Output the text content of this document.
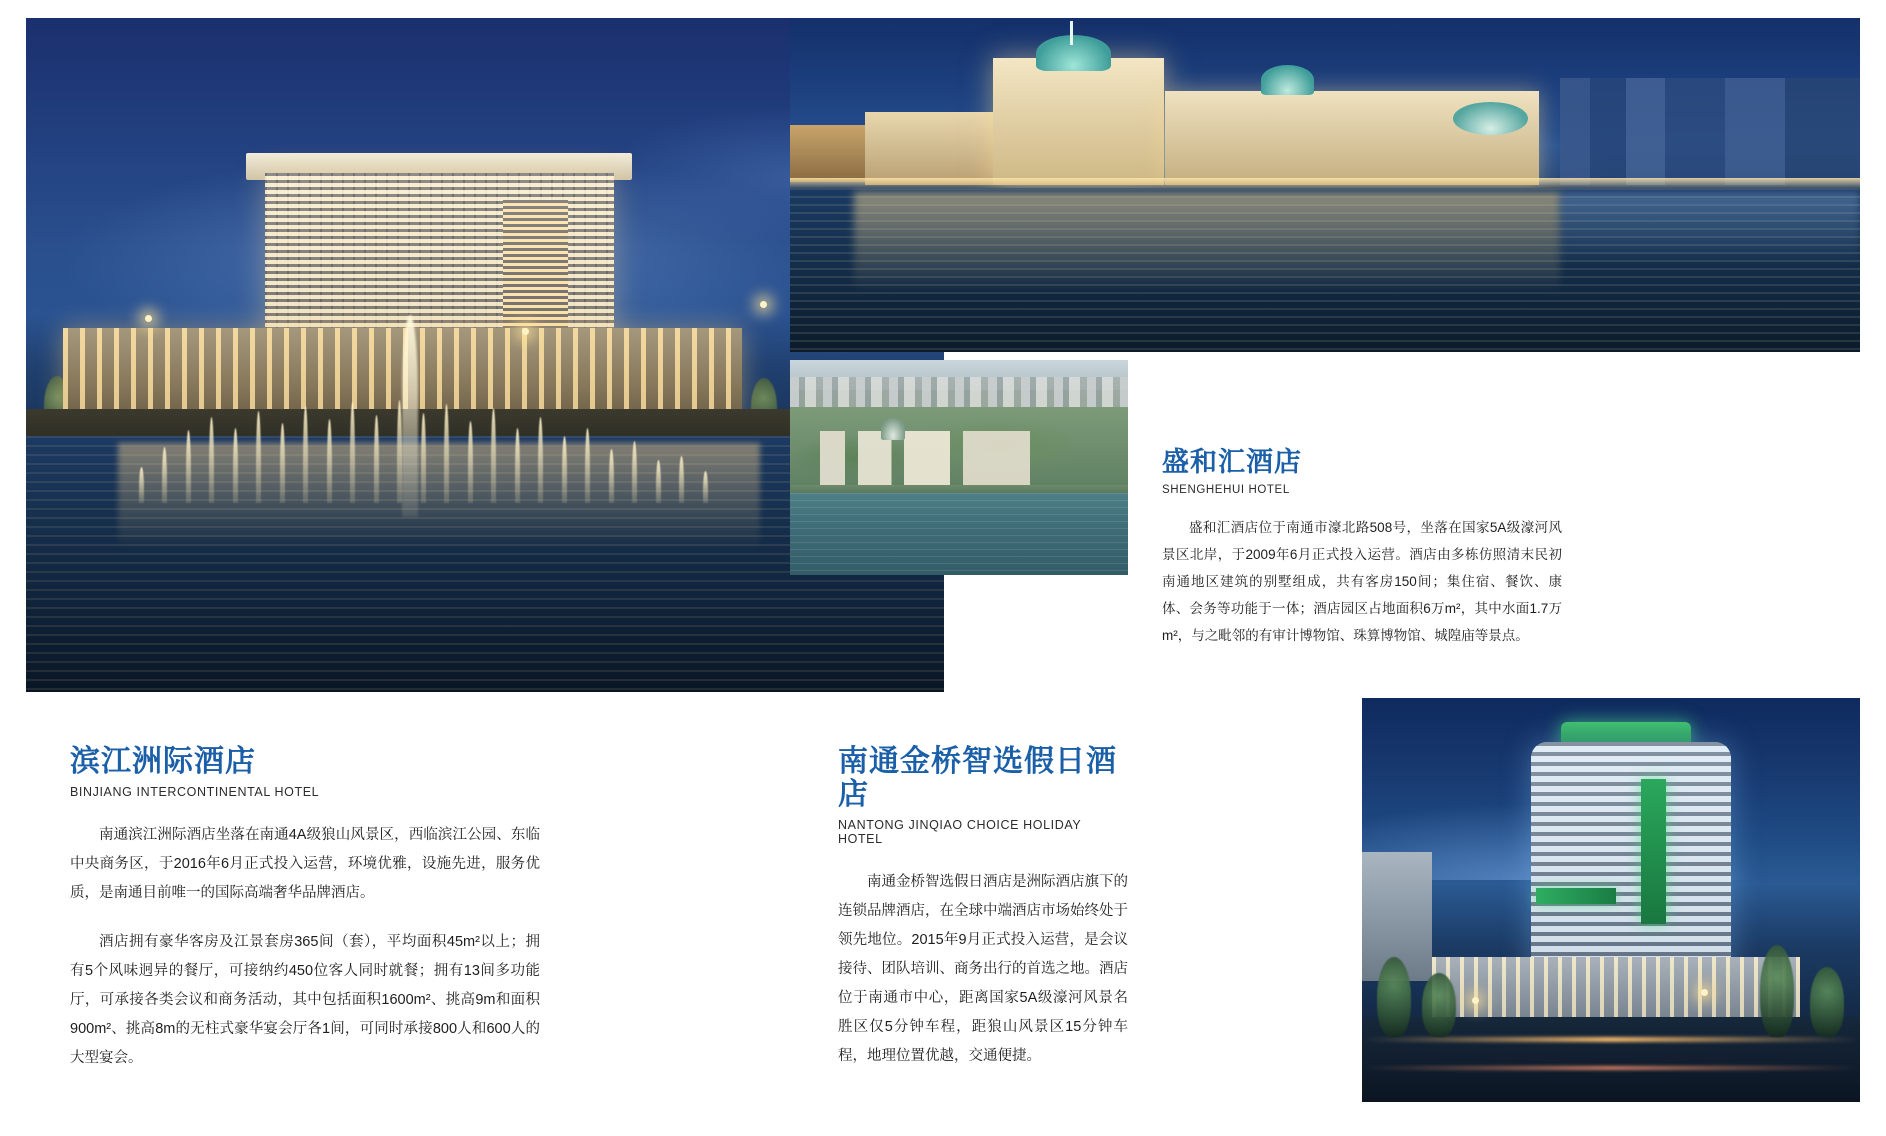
盛和汇酒店
SHENGHEHUI HOTEL

盛和汇酒店位于南通市濠北路508号，坐落在国家5A级濠河风景区北岸，于2009年6月正式投入运营。酒店由多栋仿照清末民初南通地区建筑的别墅组成，共有客房150间；集住宿、餐饮、康体、会务等功能于一体；酒店园区占地面积6万m²，其中水面1.7万m²，与之毗邻的有审计博物馆、珠算博物馆、城隍庙等景点。

滨江洲际酒店
BINJIANG INTERCONTINENTAL HOTEL

南通滨江洲际酒店坐落在南通4A级狼山风景区，西临滨江公园、东临中央商务区，于2016年6月正式投入运营，环境优雅，设施先进，服务优质，是南通目前唯一的国际高端奢华品牌酒店。

酒店拥有豪华客房及江景套房365间（套），平均面积45m²以上；拥有5个风味迥异的餐厅，可接纳约450位客人同时就餐；拥有13间多功能厅，可承接各类会议和商务活动，其中包括面积1600m²、挑高9m和面积900m²、挑高8m的无柱式豪华宴会厅各1间，可同时承接800人和600人的大型宴会。

南通金桥智选假日酒店
NANTONG JINQIAO CHOICE HOLIDAY HOTEL

南通金桥智选假日酒店是洲际酒店旗下的连锁品牌酒店，在全球中端酒店市场始终处于领先地位。2015年9月正式投入运营，是会议接待、团队培训、商务出行的首选之地。酒店位于南通市中心，距离国家5A级濠河风景名胜区仅5分钟车程，距狼山风景区15分钟车程，地理位置优越，交通便捷。
